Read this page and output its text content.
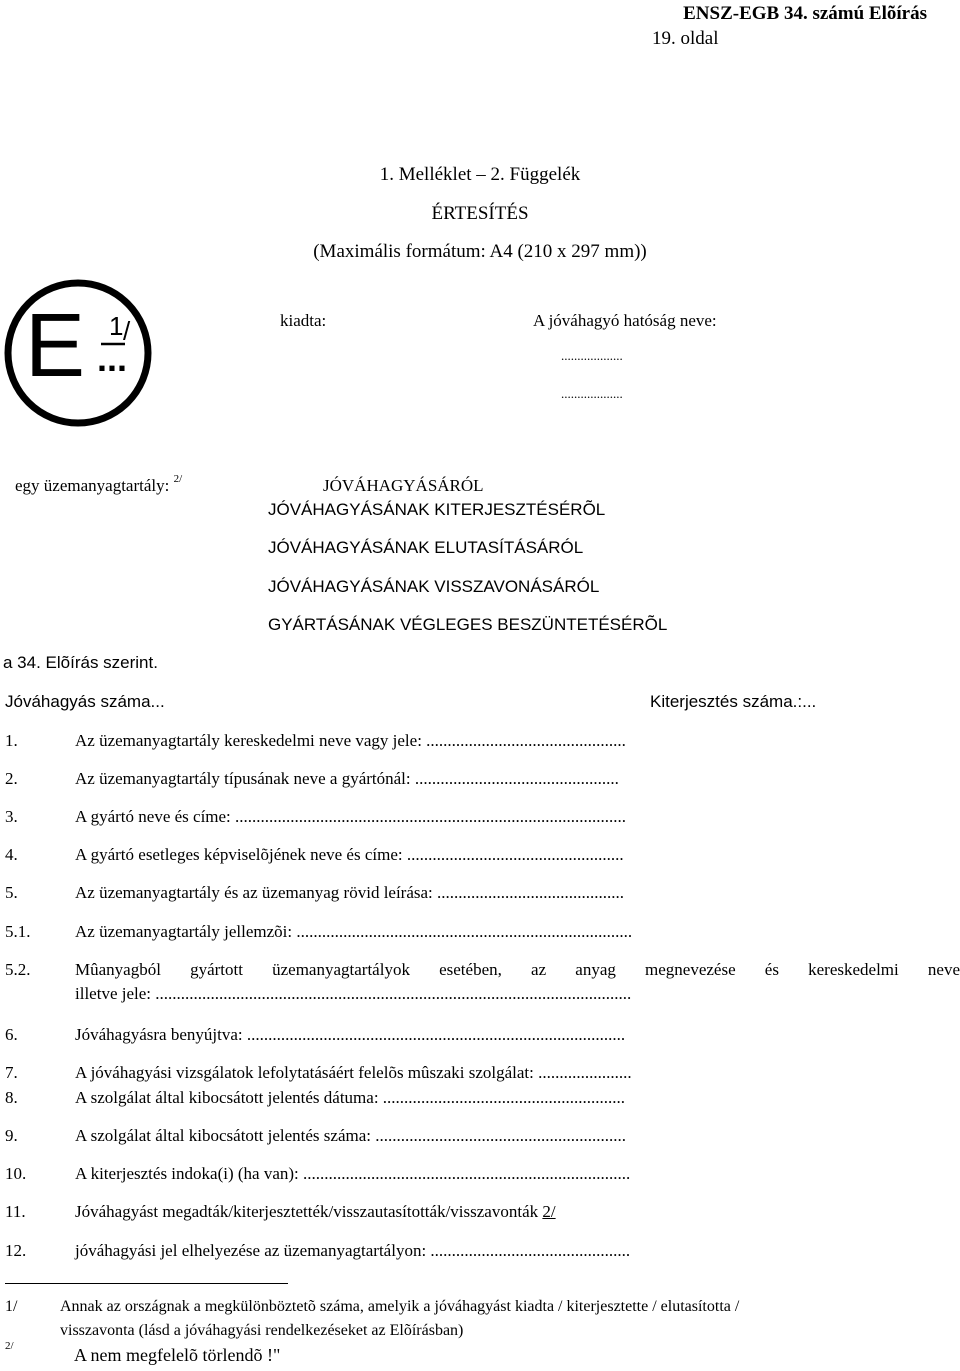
ENSZ-EGB 34. számú Elõírás
19. oldal
1. Melléklet – 2. Függelék
ÉRTESÍTÉS
(Maximális formátum: A4 (210 x 297 mm))
E 1 /
...
kiadta:	A jóváhagyó hatóság neve:
...................
...................
egy üzemanyagtartály: $^{2/}$	JÓVÁHAGYÁSÁRÓL
JÓVÁHAGYÁSÁNAK KITERJESZTÉSÉRÕL
JÓVÁHAGYÁSÁNAK ELUTASÍTÁSÁRÓL
JÓVÁHAGYÁSÁNAK VISSZAVONÁSÁRÓL
GYÁRTÁSÁNAK VÉGLEGES BESZÜNTETÉSÉRÕL
a 34. Elõírás szerint.
Jóváhagyás száma...	Kiterjesztés száma.:...
1.	Az üzemanyagtartály kereskedelmi neve vagy jele: ...............................................
2.	Az üzemanyagtartály típusának neve a gyártónál: ................................................
3.	A gyártó neve és címe: ............................................................................................
4.	A gyártó esetleges képviselõjének neve és címe: ...................................................
5.	Az üzemanyagtartály és az üzemanyag rövid leírása: ............................................
5.1.	Az üzemanyagtartály jellemzõi: ...............................................................................
5.2.	Mûanyagból gyártott üzemanyagtartályok esetében, az anyag megnevezése és kereskedelmi neve
illetve jele: ................................................................................................................
6.	Jóváhagyásra benyújtva: .........................................................................................
7.	A jóváhagyási vizsgálatok lefolytatásáért felelõs mûszaki szolgálat: ......................
8.	A szolgálat által kibocsátott jelentés dátuma: .........................................................
9.	A szolgálat által kibocsátott jelentés száma: ...........................................................
10.	A kiterjesztés indoka(i) (ha van): .............................................................................
11.	Jóváhagyást megadták/kiterjesztették/visszautasították/visszavonták 2/
12.	jóváhagyási jel elhelyezése az üzemanyagtartályon: ...............................................
1/	Annak az országnak a megkülönböztetõ száma, amelyik a jóváhagyást kiadta / kiterjesztette / elutasította /
visszavonta (lásd a jóváhagyási rendelkezéseket az Elõírásban)
2/	A nem megfelelõ törlendõ !"
